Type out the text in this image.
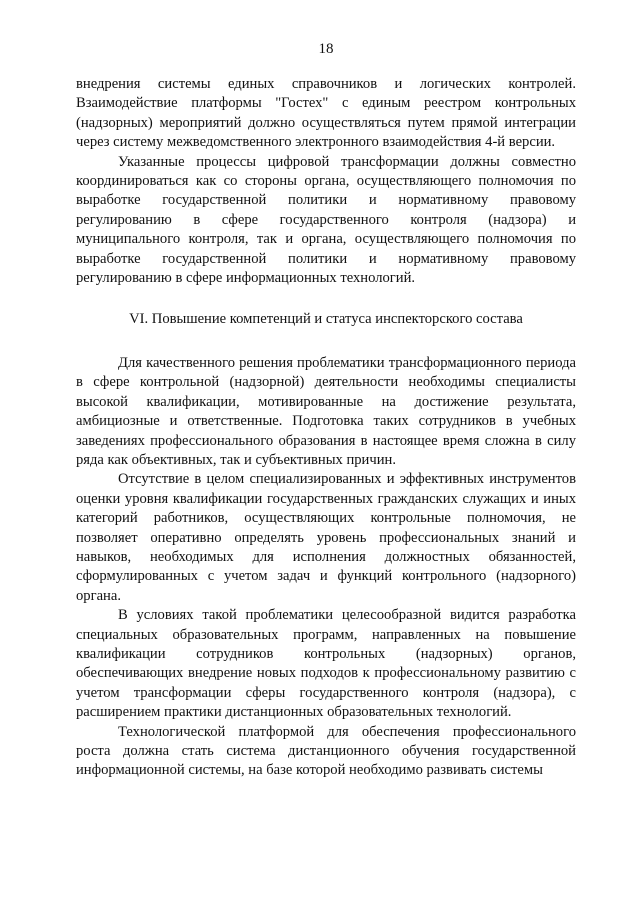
18

внедрения системы единых справочников и логических контролей. Взаимодействие платформы "Гостех" с единым реестром контрольных (надзорных) мероприятий должно осуществляться путем прямой интеграции через систему межведомственного электронного взаимодействия 4-й версии.

Указанные процессы цифровой трансформации должны совместно координироваться как со стороны органа, осуществляющего полномочия по выработке государственной политики и нормативному правовому регулированию в сфере государственного контроля (надзора) и муниципального контроля, так и органа, осуществляющего полномочия по выработке государственной политики и нормативному правовому регулированию в сфере информационных технологий.

VI. Повышение компетенций и статуса инспекторского состава

Для качественного решения проблематики трансформационного периода в сфере контрольной (надзорной) деятельности необходимы специалисты высокой квалификации, мотивированные на достижение результата, амбициозные и ответственные. Подготовка таких сотрудников в учебных заведениях профессионального образования в настоящее время сложна в силу ряда как объективных, так и субъективных причин.

Отсутствие в целом специализированных и эффективных инструментов оценки уровня квалификации государственных гражданских служащих и иных категорий работников, осуществляющих контрольные полномочия, не позволяет оперативно определять уровень профессиональных знаний и навыков, необходимых для исполнения должностных обязанностей, сформулированных с учетом задач и функций контрольного (надзорного) органа.

В условиях такой проблематики целесообразной видится разработка специальных образовательных программ, направленных на повышение квалификации сотрудников контрольных (надзорных) органов, обеспечивающих внедрение новых подходов к профессиональному развитию с учетом трансформации сферы государственного контроля (надзора), с расширением практики дистанционных образовательных технологий.

Технологической платформой для обеспечения профессионального роста должна стать система дистанционного обучения государственной информационной системы, на базе которой необходимо развивать системы
